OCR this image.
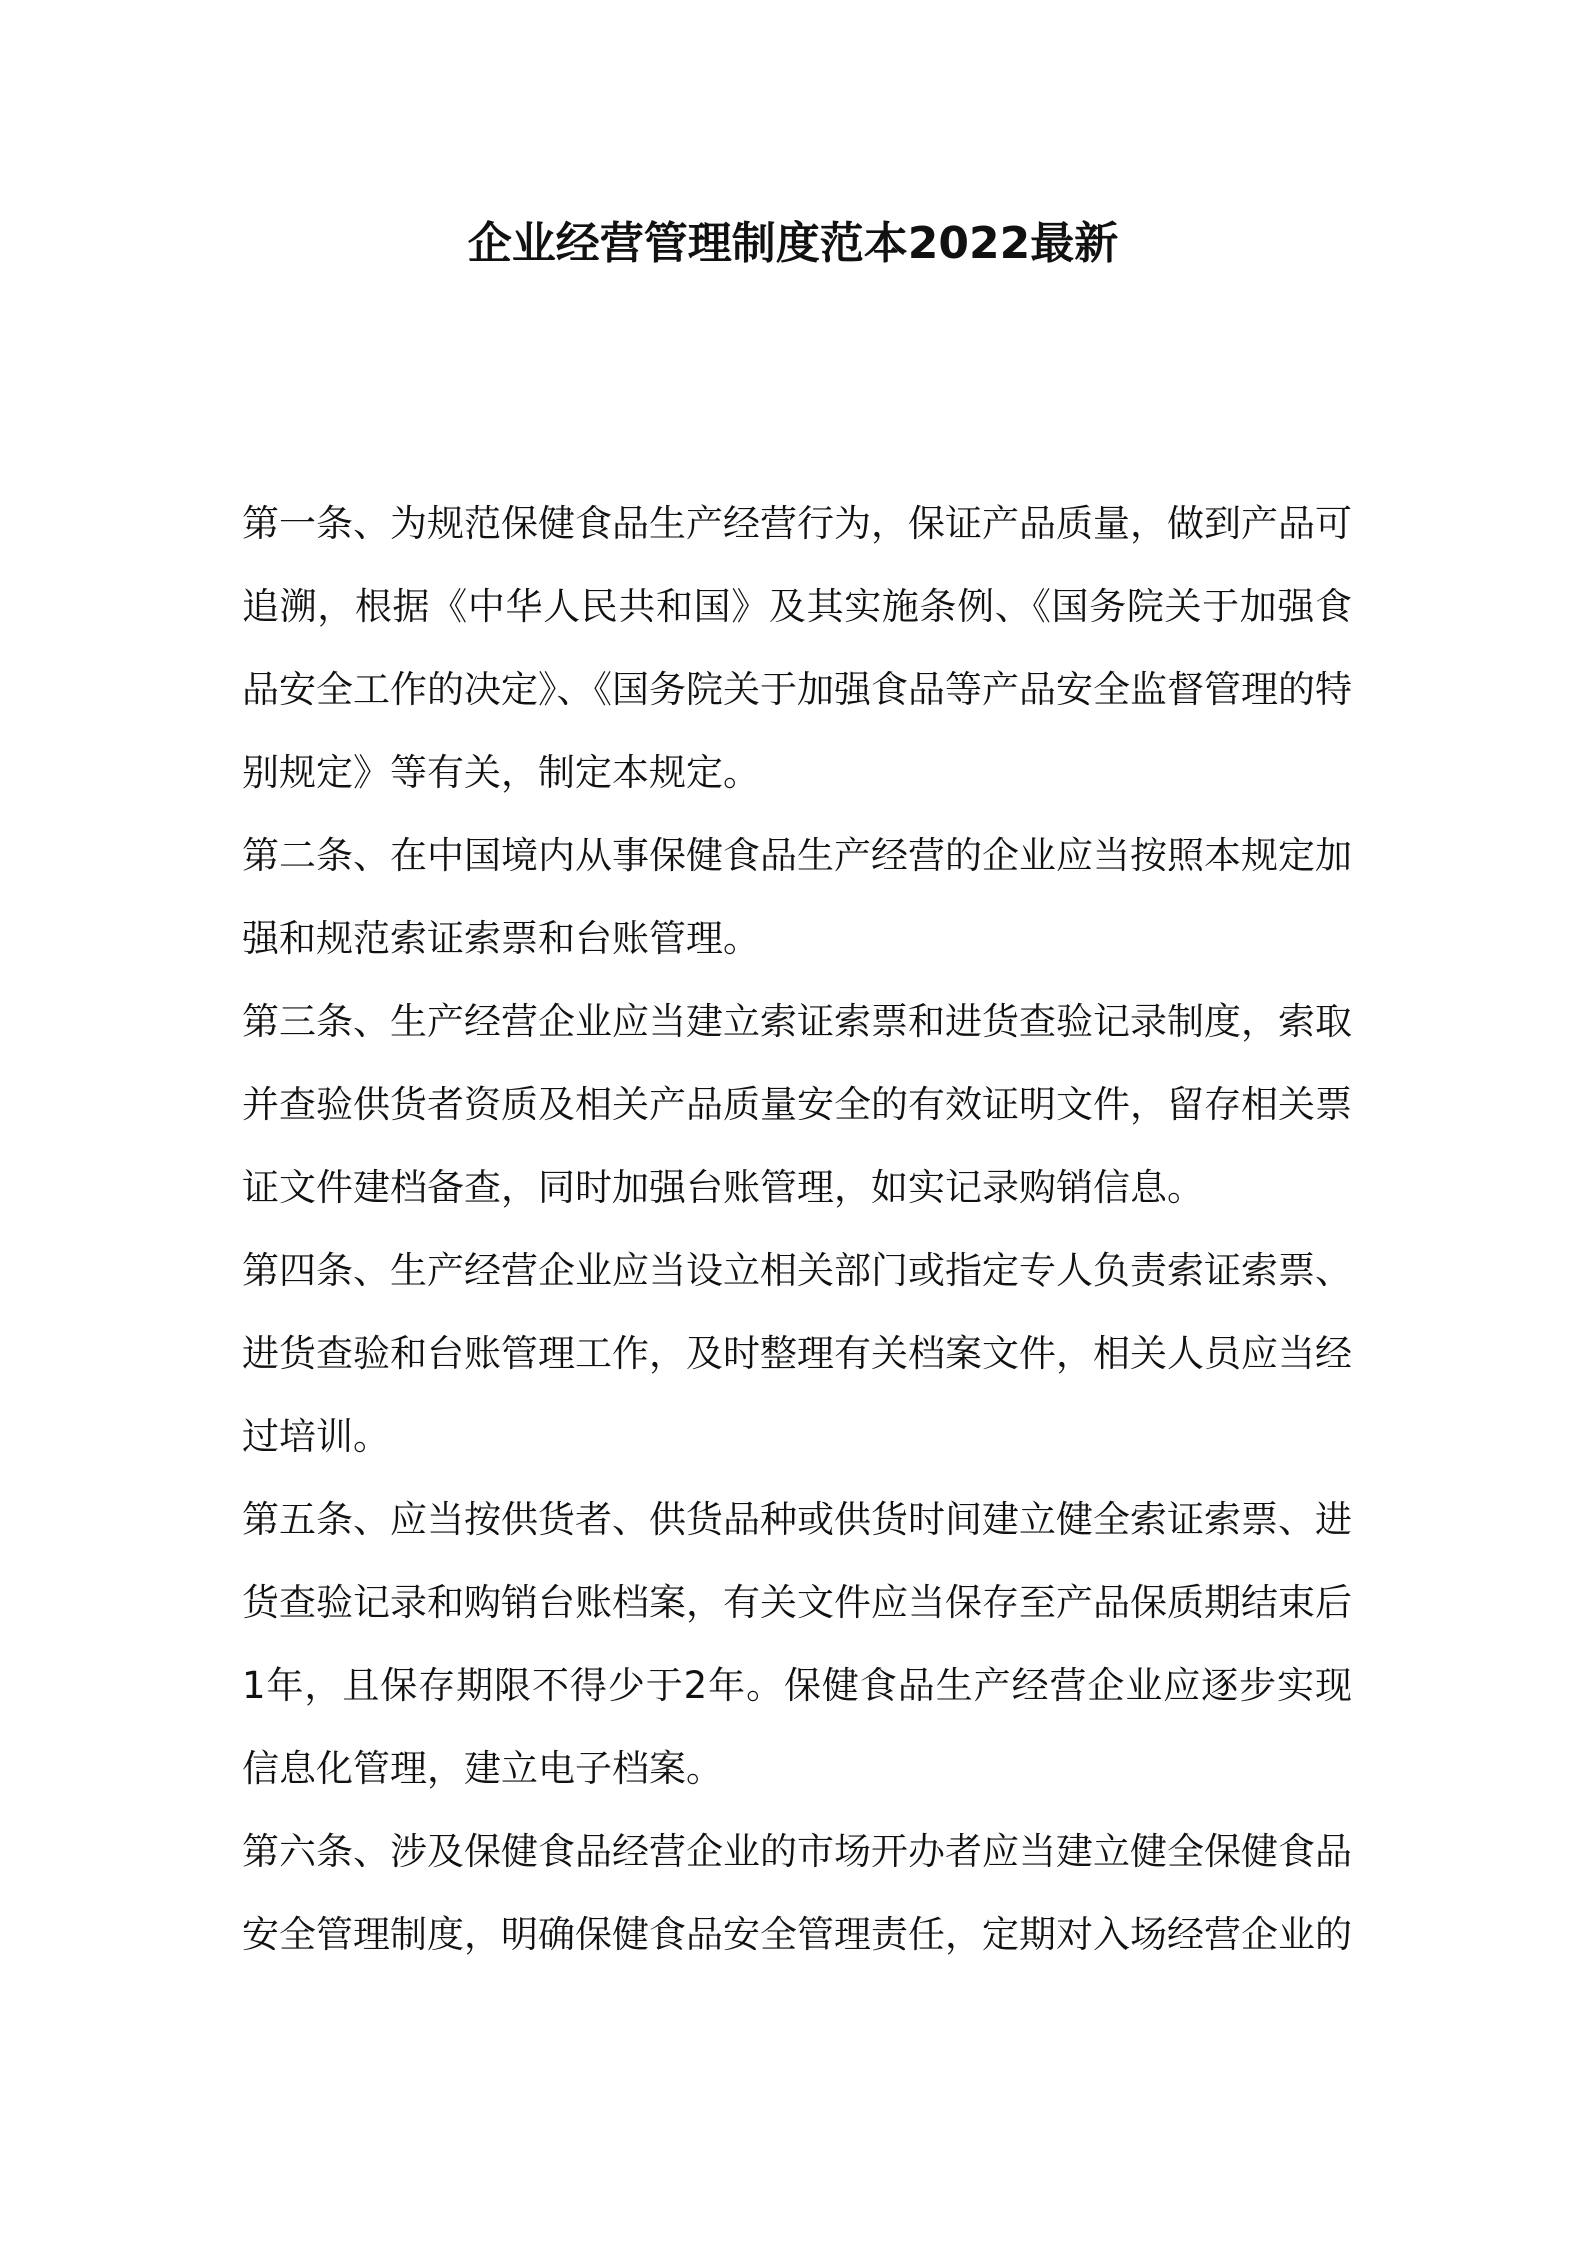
企业经营管理制度范本2022最新

第一条、为规范保健食品生产经营行为，保证产品质量，做到产品可追溯，根据《中华人民共和国》及其实施条例、《国务院关于加强食品安全工作的决定》、《国务院关于加强食品等产品安全监督管理的特别规定》等有关，制定本规定。

第二条、在中国境内从事保健食品生产经营的企业应当按照本规定加强和规范索证索票和台账管理。

第三条、生产经营企业应当建立索证索票和进货查验记录制度，索取并查验供货者资质及相关产品质量安全的有效证明文件，留存相关票证文件建档备查，同时加强台账管理，如实记录购销信息。

第四条、生产经营企业应当设立相关部门或指定专人负责索证索票、进货查验和台账管理工作，及时整理有关档案文件，相关人员应当经过培训。

第五条、应当按供货者、供货品种或供货时间建立健全索证索票、进货查验记录和购销台账档案，有关文件应当保存至产品保质期结束后1年，且保存期限不得少于2年。保健食品生产经营企业应逐步实现信息化管理，建立电子档案。

第六条、涉及保健食品经营企业的市场开办者应当建立健全保健食品安全管理制度，明确保健食品安全管理责任，定期对入场经营企业的
